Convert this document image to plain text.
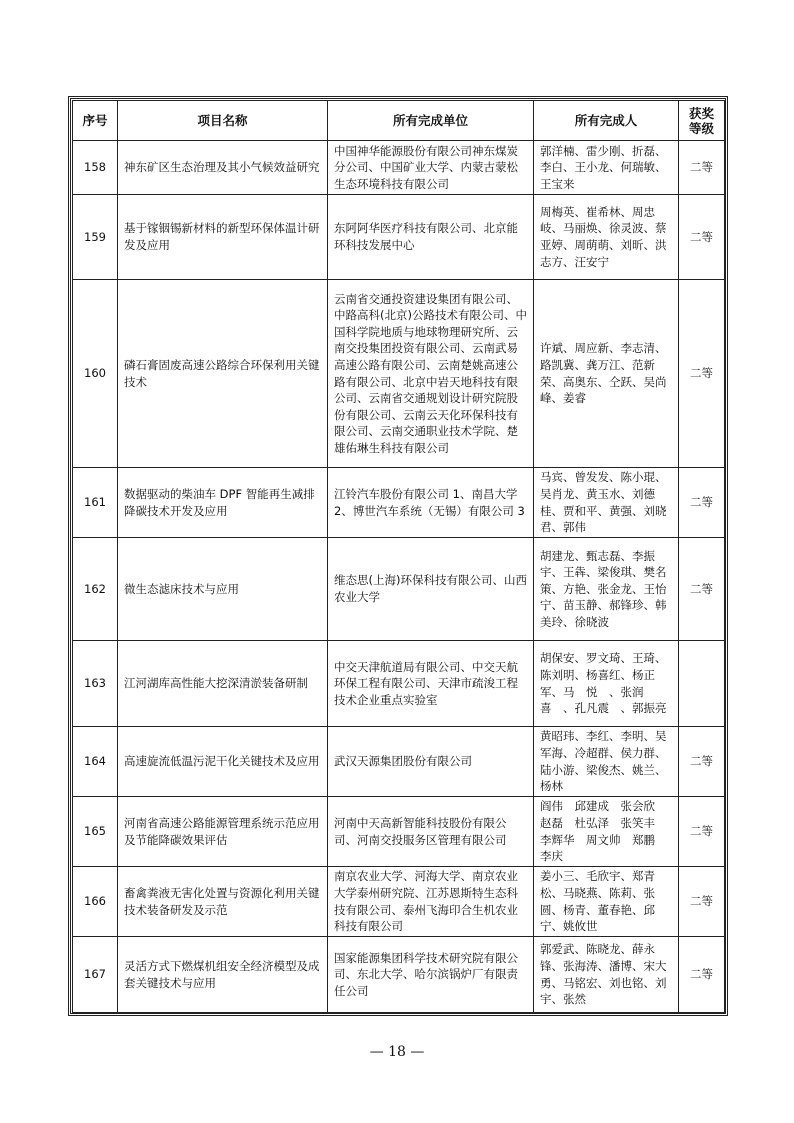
序号	项目名称	所有完成单位	所有完成人	获奖等级
158	神东矿区生态治理及其小气候效益研究	中国神华能源股份有限公司神东煤炭分公司、中国矿业大学、内蒙古蒙松生态环境科技有限公司	郭洋楠、雷少刚、折磊、李白、王小龙、何瑞敏、王宝来	二等
159	基于镓铟锡新材料的新型环保体温计研发及应用	东阿阿华医疗科技有限公司、北京能环科技发展中心	周梅英、崔希林、周忠岐、马丽焕、徐灵波、蔡亚婷、周萌萌、刘昕、洪志方、汪安宁	二等
160	磷石膏固废高速公路综合环保利用关键技术	云南省交通投资建设集团有限公司、中路高科(北京)公路技术有限公司、中国科学院地质与地球物理研究所、云南交投集团投资有限公司、云南武易高速公路有限公司、云南楚姚高速公路有限公司、北京中岩天地科技有限公司、云南省交通规划设计研究院股份有限公司、云南云天化环保科技有限公司、云南交通职业技术学院、楚雄佑琳生科技有限公司	许斌、周应新、李志清、路凯冀、龚万江、范新荣、高奥东、仝跃、吴尚峰、姜睿	二等
161	数据驱动的柴油车 DPF 智能再生减排降碳技术开发及应用	江铃汽车股份有限公司 1、南昌大学 2、博世汽车系统（无锡）有限公司 3	马宾、曾发发、陈小琨、吴肖龙、黄玉水、刘德桂、贾和平、黄强、刘晓君、郭伟	二等
162	微生态滤床技术与应用	维态思(上海)环保科技有限公司、山西农业大学	胡建龙、甄志磊、李振宇、王犇、梁俊琪、樊名策、方艳、张金龙、王怡宁、苗玉静、郝锋珍、韩美玲、徐晓波	二等
163	江河湖库高性能大挖深清淤装备研制	中交天津航道局有限公司、中交天航环保工程有限公司、天津市疏浚工程技术企业重点实验室	胡保安、罗文琦、王琦、陈刘明、杨喜红、杨正军、马　悦　、张润喜　、孔凡震　、郭振亮	
164	高速旋流低温污泥干化关键技术及应用	武汉天源集团股份有限公司	黄昭玮、李红、李明、吴军海、冷超群、侯力群、陆小游、梁俊杰、姚兰、杨林	二等
165	河南省高速公路能源管理系统示范应用及节能降碳效果评估	河南中天高新智能科技股份有限公司、河南交投服务区管理有限公司	阎伟　邱建成　张会欣　赵磊　杜弘泽　张笑丰　李辉华　周文帅　郑鹏　李庆	二等
166	畜禽粪液无害化处置与资源化利用关键技术装备研发及示范	南京农业大学、河海大学、南京农业大学泰州研究院、江苏恩斯特生态科技有限公司、泰州飞海印合生机农业科技有限公司	姜小三、毛欣宇、郑青松、马晓燕、陈莉、张圆、杨青、董春艳、邱宁、姚攸世	二等
167	灵活方式下燃煤机组安全经济模型及成套关键技术与应用	国家能源集团科学技术研究院有限公司、东北大学、哈尔滨锅炉厂有限责任公司	郭爱武、陈晓龙、薛永锋、张海涛、潘博、宋大勇、马铭宏、刘也铭、刘宇、张然	二等
— 18 —
